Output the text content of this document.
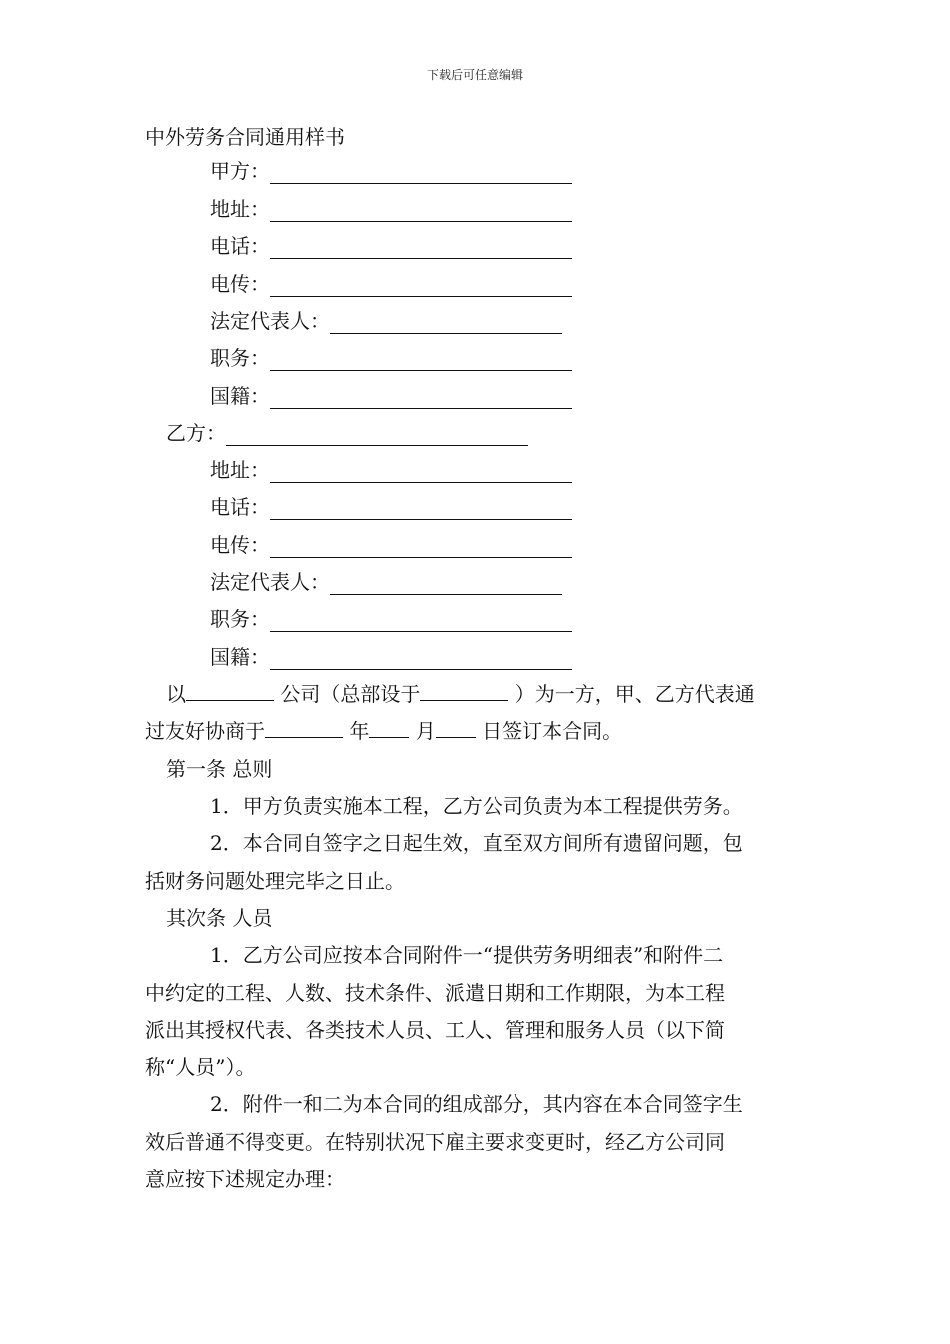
下载后可任意编辑
中外劳务合同通用样书
甲方：
地址：
电话：
电传：
法定代表人：
职务：
国籍：
乙方：
地址：
电话：
电传：
法定代表人：
职务：
国籍：
以	公司（总部设于	）为一方，甲、乙方代表通
过友好协商于	年 月 日签订本合同。
第一条 总则
1．甲方负责实施本工程，乙方公司负责为本工程提供劳务。
2．本合同自签字之日起生效，直至双方间所有遗留问题，包
括财务问题处理完毕之日止。
其次条 人员
1．乙方公司应按本合同附件一“提供劳务明细表”和附件二
中约定的工程、人数、技术条件、派遣日期和工作期限，为本工程
派出其授权代表、各类技术人员、工人、管理和服务人员（以下简
称“人员”）。
2．附件一和二为本合同的组成部分，其内容在本合同签字生
效后普通不得变更。在特别状况下雇主要求变更时，经乙方公司同
意应按下述规定办理：
